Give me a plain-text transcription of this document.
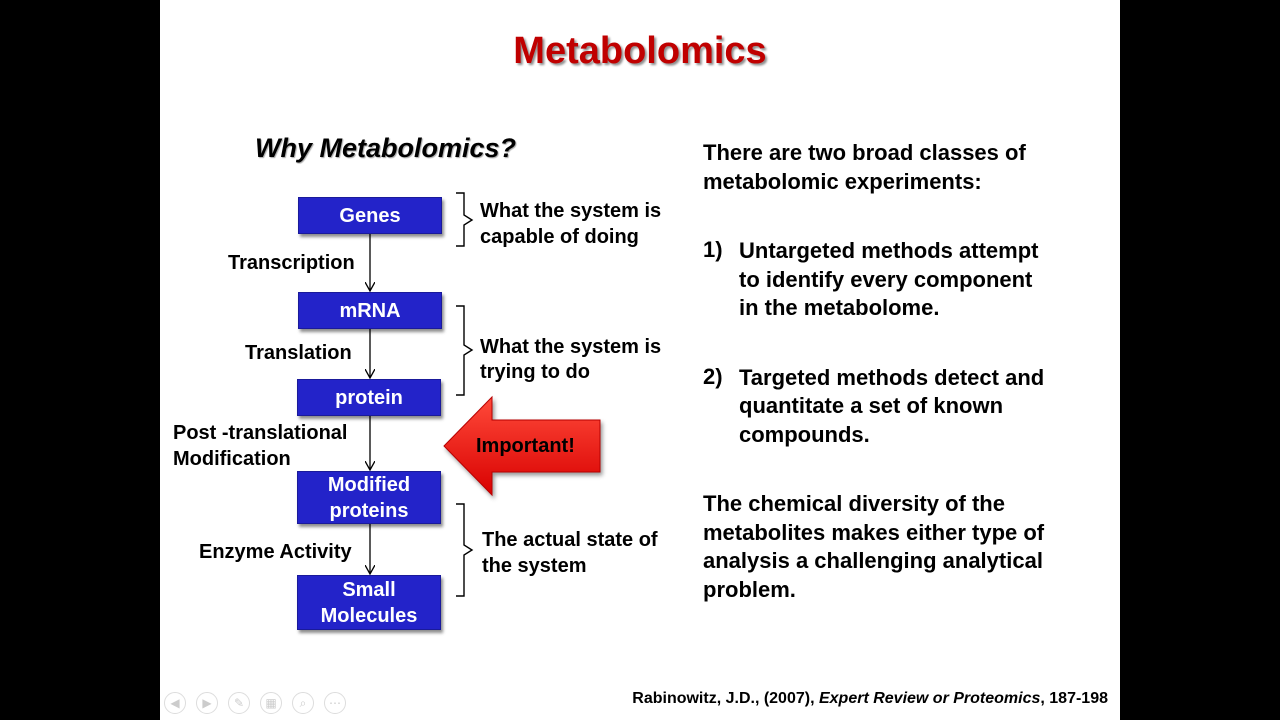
Metabolomics
Why Metabolomics?
Genes
mRNA
protein
Modified
proteins
Small
Molecules
Transcription
Translation
Post -translational
Modification
Enzyme Activity
What the system is
capable of doing
What the system is
trying to do
The actual state of
the system
Important!
There are two broad classes of
metabolomic experiments:
1) Untargeted methods attempt
to identify every component
in the metabolome.
2) Targeted methods detect and
quantitate a set of known
compounds.
The chemical diversity of the
metabolites makes either type of
analysis a challenging analytical
problem.
Rabinowitz, J.D., (2007), Expert Review or Proteomics, 187-198
◀	▶	✎	▦	⌕	⋯
